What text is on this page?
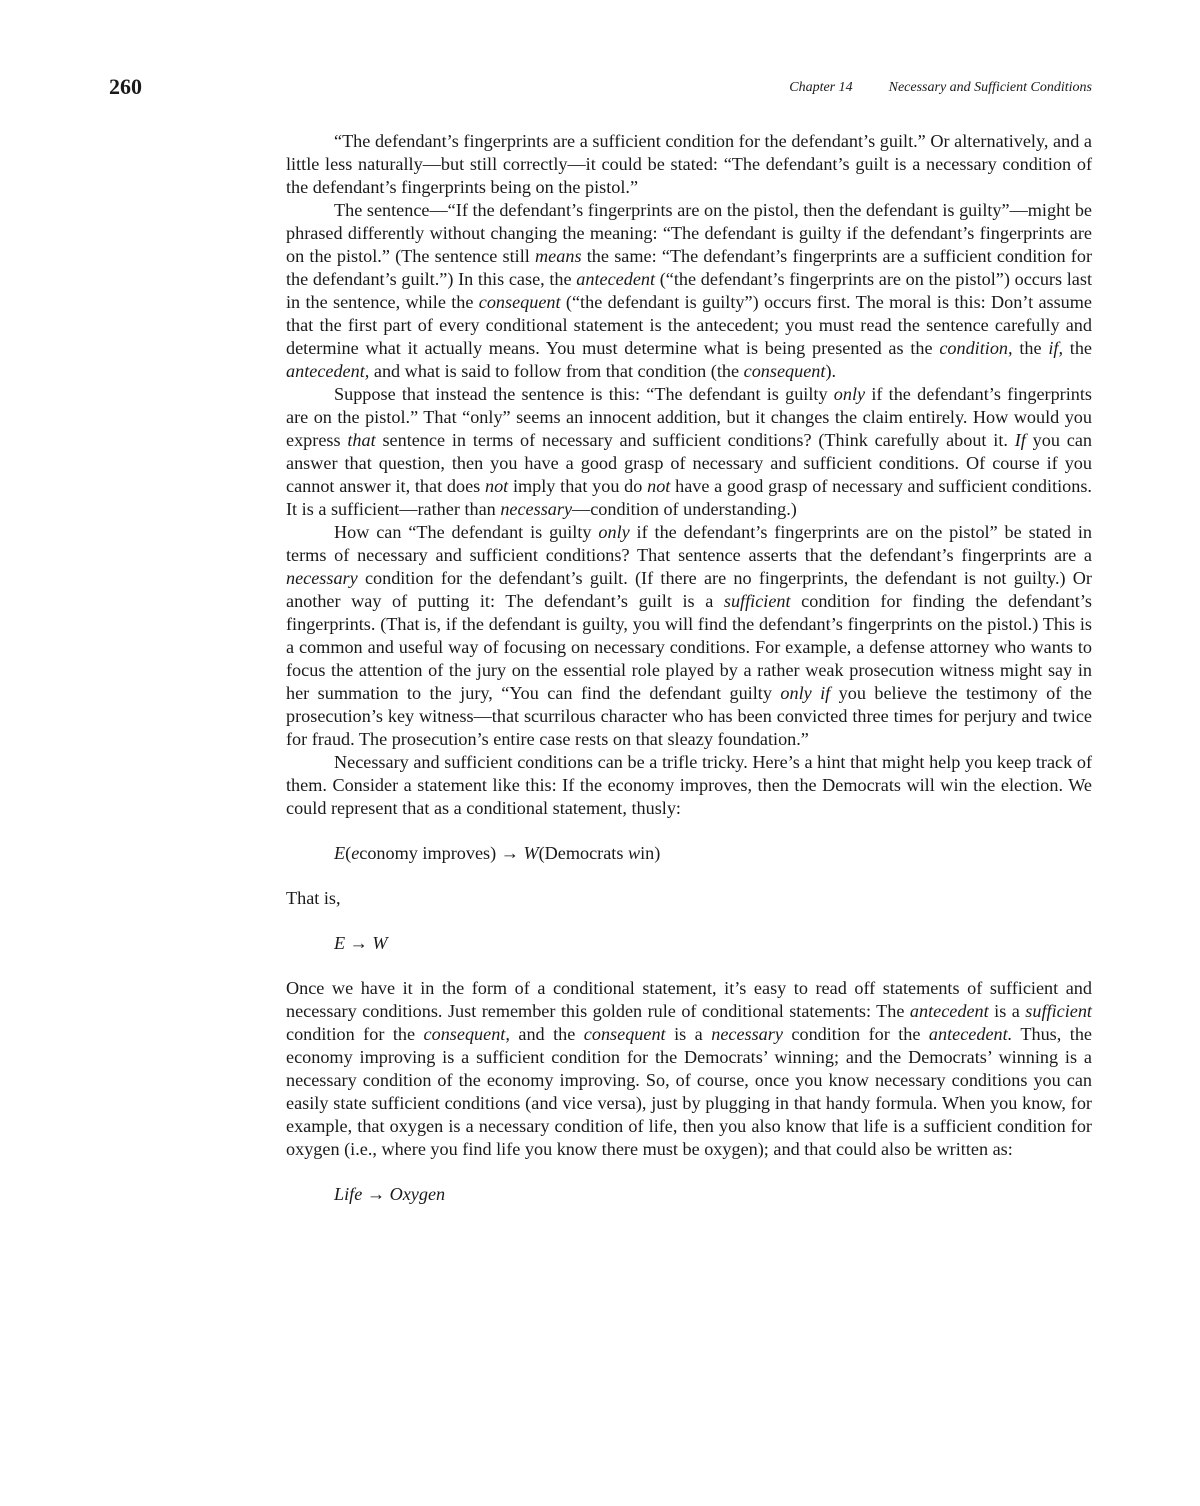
260	Chapter 14	Necessary and Sufficient Conditions

“The defendant’s fingerprints are a sufficient condition for the defendant’s guilt.” Or alternatively, and a little less naturally—but still correctly—it could be stated: “The defendant’s guilt is a necessary condition of the defendant’s fingerprints being on the pistol.”

The sentence—“If the defendant’s fingerprints are on the pistol, then the defendant is guilty”—might be phrased differently without changing the meaning: “The defendant is guilty if the defendant’s fingerprints are on the pistol.” (The sentence still means the same: “The defendant’s fingerprints are a sufficient condition for the defendant’s guilt.”) In this case, the antecedent (“the defendant’s fingerprints are on the pistol”) occurs last in the sentence, while the consequent (“the defendant is guilty”) occurs first. The moral is this: Don’t assume that the first part of every conditional statement is the antecedent; you must read the sentence carefully and determine what it actually means. You must determine what is being presented as the condition, the if, the antecedent, and what is said to follow from that condition (the consequent).

Suppose that instead the sentence is this: “The defendant is guilty only if the defendant’s fingerprints are on the pistol.” That “only” seems an innocent addition, but it changes the claim entirely. How would you express that sentence in terms of necessary and sufficient conditions? (Think carefully about it. If you can answer that question, then you have a good grasp of necessary and sufficient conditions. Of course if you cannot answer it, that does not imply that you do not have a good grasp of necessary and sufficient conditions. It is a sufficient—rather than necessary—condition of understanding.)

How can “The defendant is guilty only if the defendant’s fingerprints are on the pistol” be stated in terms of necessary and sufficient conditions? That sentence asserts that the defendant’s fingerprints are a necessary condition for the defendant’s guilt. (If there are no fingerprints, the defendant is not guilty.) Or another way of putting it: The defendant’s guilt is a sufficient condition for finding the defendant’s fingerprints. (That is, if the defendant is guilty, you will find the defendant’s fingerprints on the pistol.) This is a common and useful way of focusing on necessary conditions. For example, a defense attorney who wants to focus the attention of the jury on the essential role played by a rather weak prosecution witness might say in her summation to the jury, “You can find the defendant guilty only if you believe the testimony of the prosecution’s key witness—that scurrilous character who has been convicted three times for perjury and twice for fraud. The prosecution’s entire case rests on that sleazy foundation.”

Necessary and sufficient conditions can be a trifle tricky. Here’s a hint that might help you keep track of them. Consider a statement like this: If the economy improves, then the Democrats will win the election. We could represent that as a conditional statement, thusly:

E(economy improves) → W(Democrats win)

That is,

E → W

Once we have it in the form of a conditional statement, it’s easy to read off statements of sufficient and necessary conditions. Just remember this golden rule of conditional statements: The antecedent is a sufficient condition for the consequent, and the consequent is a necessary condition for the antecedent. Thus, the economy improving is a sufficient condition for the Democrats’ winning; and the Democrats’ winning is a necessary condition of the economy improving. So, of course, once you know necessary conditions you can easily state sufficient conditions (and vice versa), just by plugging in that handy formula. When you know, for example, that oxygen is a necessary condition of life, then you also know that life is a sufficient condition for oxygen (i.e., where you find life you know there must be oxygen); and that could also be written as:

Life → Oxygen
